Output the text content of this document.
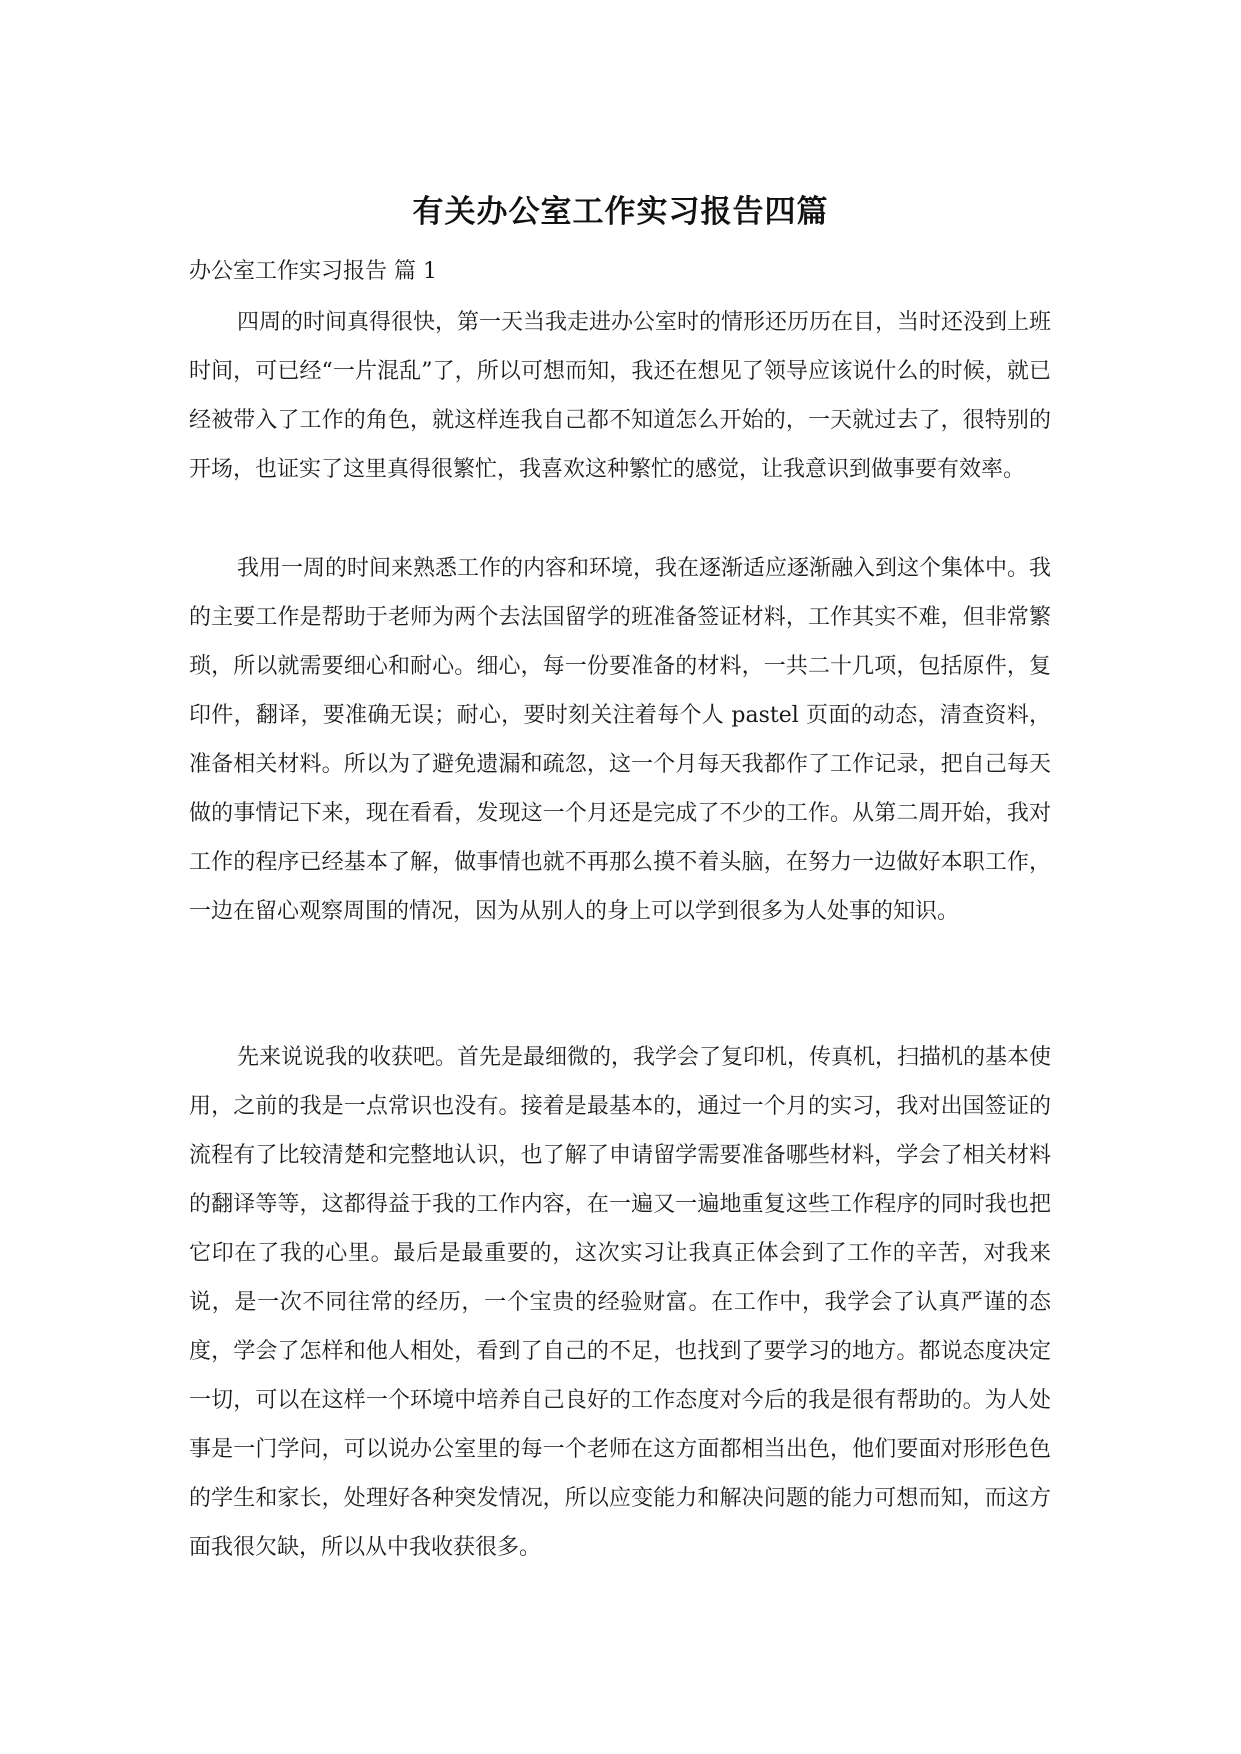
有关办公室工作实习报告四篇
办公室工作实习报告 篇 1

四周的时间真得很快，第一天当我走进办公室时的情形还历历在目，当时还没到上班时间，可已经“一片混乱”了，所以可想而知，我还在想见了领导应该说什么的时候，就已经被带入了工作的角色，就这样连我自己都不知道怎么开始的，一天就过去了，很特别的开场，也证实了这里真得很繁忙，我喜欢这种繁忙的感觉，让我意识到做事要有效率。

我用一周的时间来熟悉工作的内容和环境，我在逐渐适应逐渐融入到这个集体中。我的主要工作是帮助于老师为两个去法国留学的班准备签证材料，工作其实不难，但非常繁琐，所以就需要细心和耐心。细心，每一份要准备的材料，一共二十几项，包括原件，复印件，翻译，要准确无误；耐心，要时刻关注着每个人 pastel 页面的动态，清查资料，准备相关材料。所以为了避免遗漏和疏忽，这一个月每天我都作了工作记录，把自己每天做的事情记下来，现在看看，发现这一个月还是完成了不少的工作。从第二周开始，我对工作的程序已经基本了解，做事情也就不再那么摸不着头脑，在努力一边做好本职工作，一边在留心观察周围的情况，因为从别人的身上可以学到很多为人处事的知识。

先来说说我的收获吧。首先是最细微的，我学会了复印机，传真机，扫描机的基本使用，之前的我是一点常识也没有。接着是最基本的，通过一个月的实习，我对出国签证的流程有了比较清楚和完整地认识，也了解了申请留学需要准备哪些材料，学会了相关材料的翻译等等，这都得益于我的工作内容，在一遍又一遍地重复这些工作程序的同时我也把它印在了我的心里。最后是最重要的，这次实习让我真正体会到了工作的辛苦，对我来说，是一次不同往常的经历，一个宝贵的经验财富。在工作中，我学会了认真严谨的态度，学会了怎样和他人相处，看到了自己的不足，也找到了要学习的地方。都说态度决定一切，可以在这样一个环境中培养自己良好的工作态度对今后的我是很有帮助的。为人处事是一门学问，可以说办公室里的每一个老师在这方面都相当出色，他们要面对形形色色的学生和家长，处理好各种突发情况，所以应变能力和解决问题的能力可想而知，而这方面我很欠缺，所以从中我收获很多。
